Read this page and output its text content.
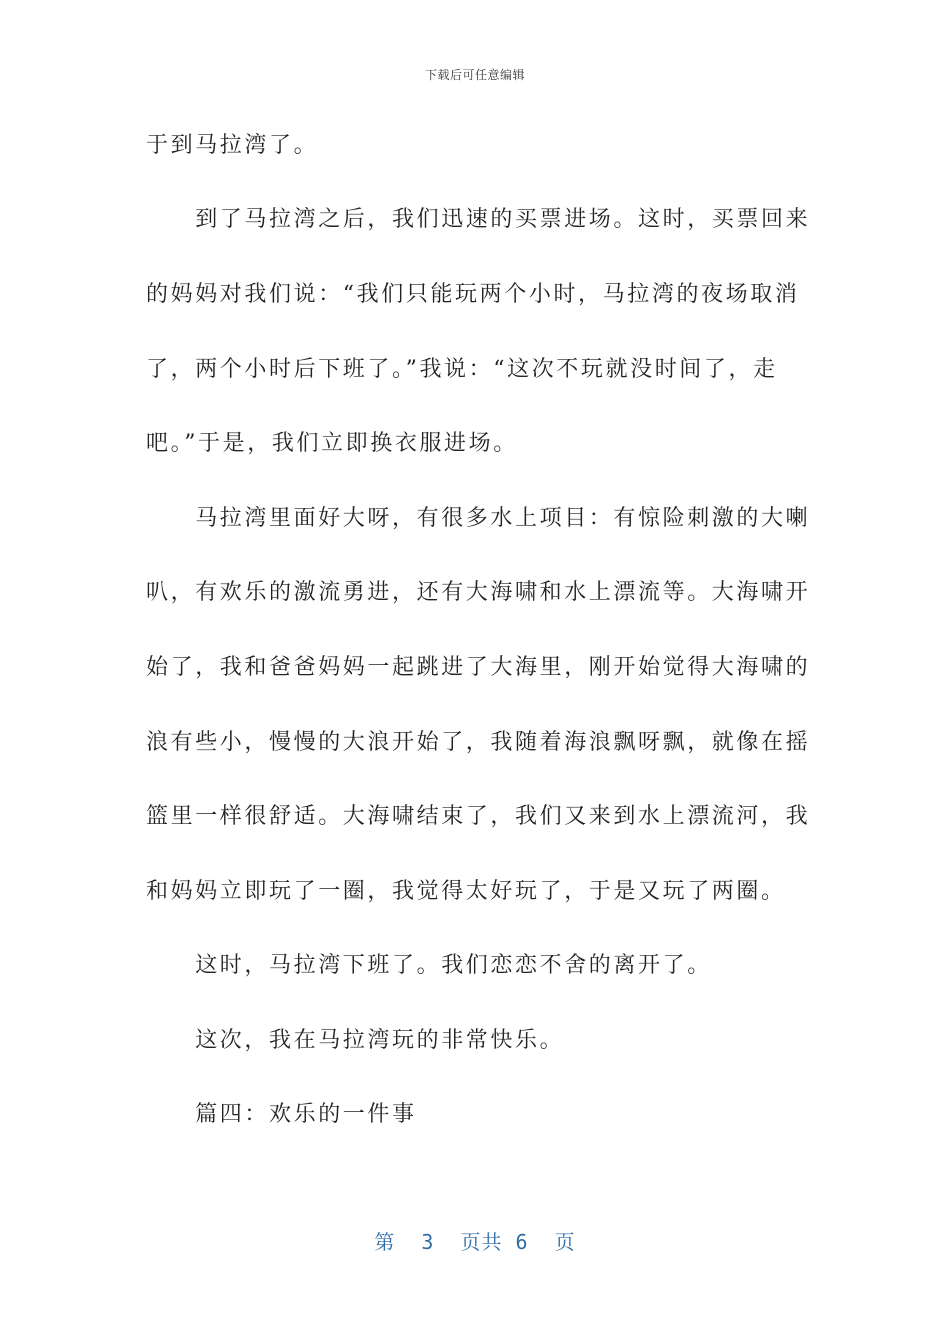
下载后可任意编辑
于到马拉湾了。
　　到了马拉湾之后，我们迅速的买票进场。这时，买票回来
的妈妈对我们说：“我们只能玩两个小时，马拉湾的夜场取消
了，两个小时后下班了。”我说：“这次不玩就没时间了，走
吧。”于是，我们立即换衣服进场。
　　马拉湾里面好大呀，有很多水上项目：有惊险刺激的大喇
叭，有欢乐的激流勇进，还有大海啸和水上漂流等。大海啸开
始了，我和爸爸妈妈一起跳进了大海里，刚开始觉得大海啸的
浪有些小，慢慢的大浪开始了，我随着海浪飘呀飘，就像在摇
篮里一样很舒适。大海啸结束了，我们又来到水上漂流河，我
和妈妈立即玩了一圈，我觉得太好玩了，于是又玩了两圈。
　　这时，马拉湾下班了。我们恋恋不舍的离开了。
　　这次，我在马拉湾玩的非常快乐。
　　篇四：欢乐的一件事
第  3  页共 6  页
